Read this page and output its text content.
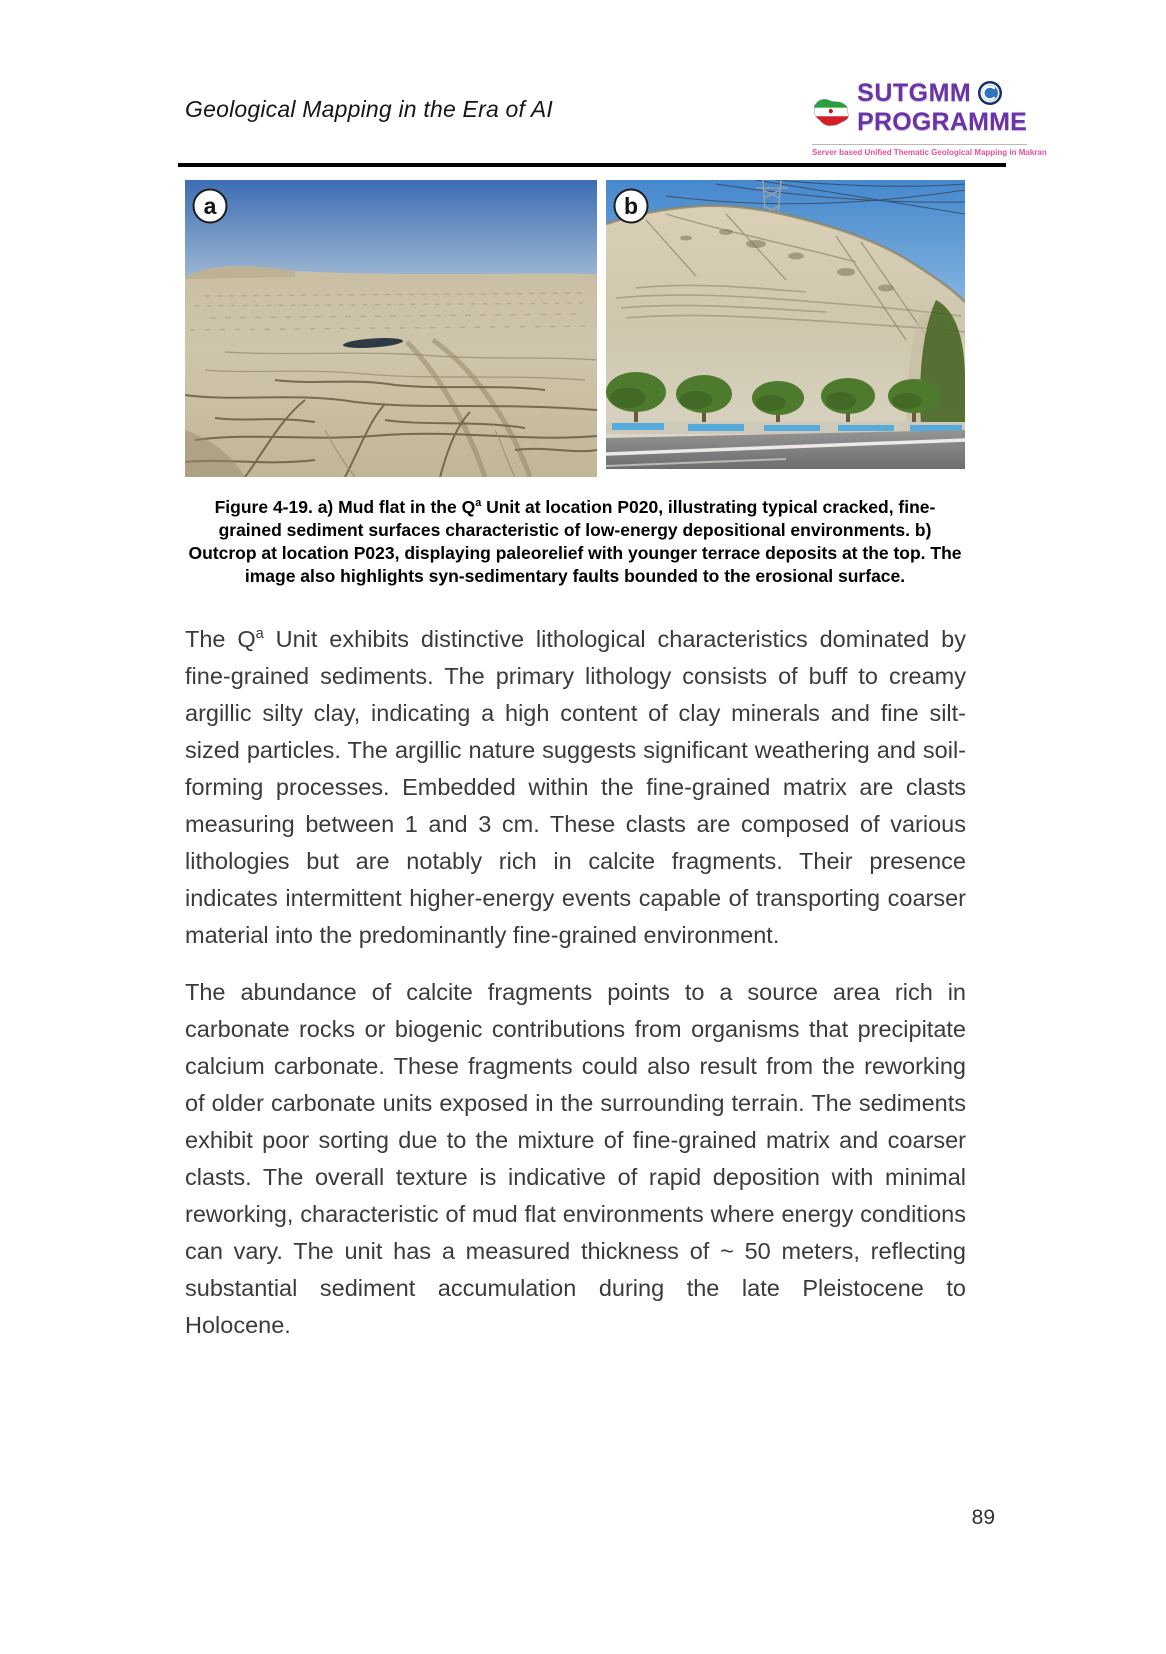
Geological Mapping in the Era of AI
SUTGMM
PROGRAMME
Server based Unified Thematic Geological Mapping in Makran
a	b
Figure 4-19. a) Mud flat in the $Q^a$ Unit at location P020, illustrating typical cracked, fine-grained sediment surfaces characteristic of low-energy depositional environments. b) Outcrop at location P023, displaying paleorelief with younger terrace deposits at the top. The image also highlights syn-sedimentary faults bounded to the erosional surface.

The $Q^a$ Unit exhibits distinctive lithological characteristics dominated by fine-grained sediments. The primary lithology consists of buff to creamy argillic silty clay, indicating a high content of clay minerals and fine silt-sized particles. The argillic nature suggests significant weathering and soil-forming processes. Embedded within the fine-grained matrix are clasts measuring between 1 and 3 cm. These clasts are composed of various lithologies but are notably rich in calcite fragments. Their presence indicates intermittent higher-energy events capable of transporting coarser material into the predominantly fine-grained environment.

The abundance of calcite fragments points to a source area rich in carbonate rocks or biogenic contributions from organisms that precipitate calcium carbonate. These fragments could also result from the reworking of older carbonate units exposed in the surrounding terrain. The sediments exhibit poor sorting due to the mixture of fine-grained matrix and coarser clasts. The overall texture is indicative of rapid deposition with minimal reworking, characteristic of mud flat environments where energy conditions can vary. The unit has a measured thickness of ~ 50 meters, reflecting substantial sediment accumulation during the late Pleistocene to Holocene.

89
